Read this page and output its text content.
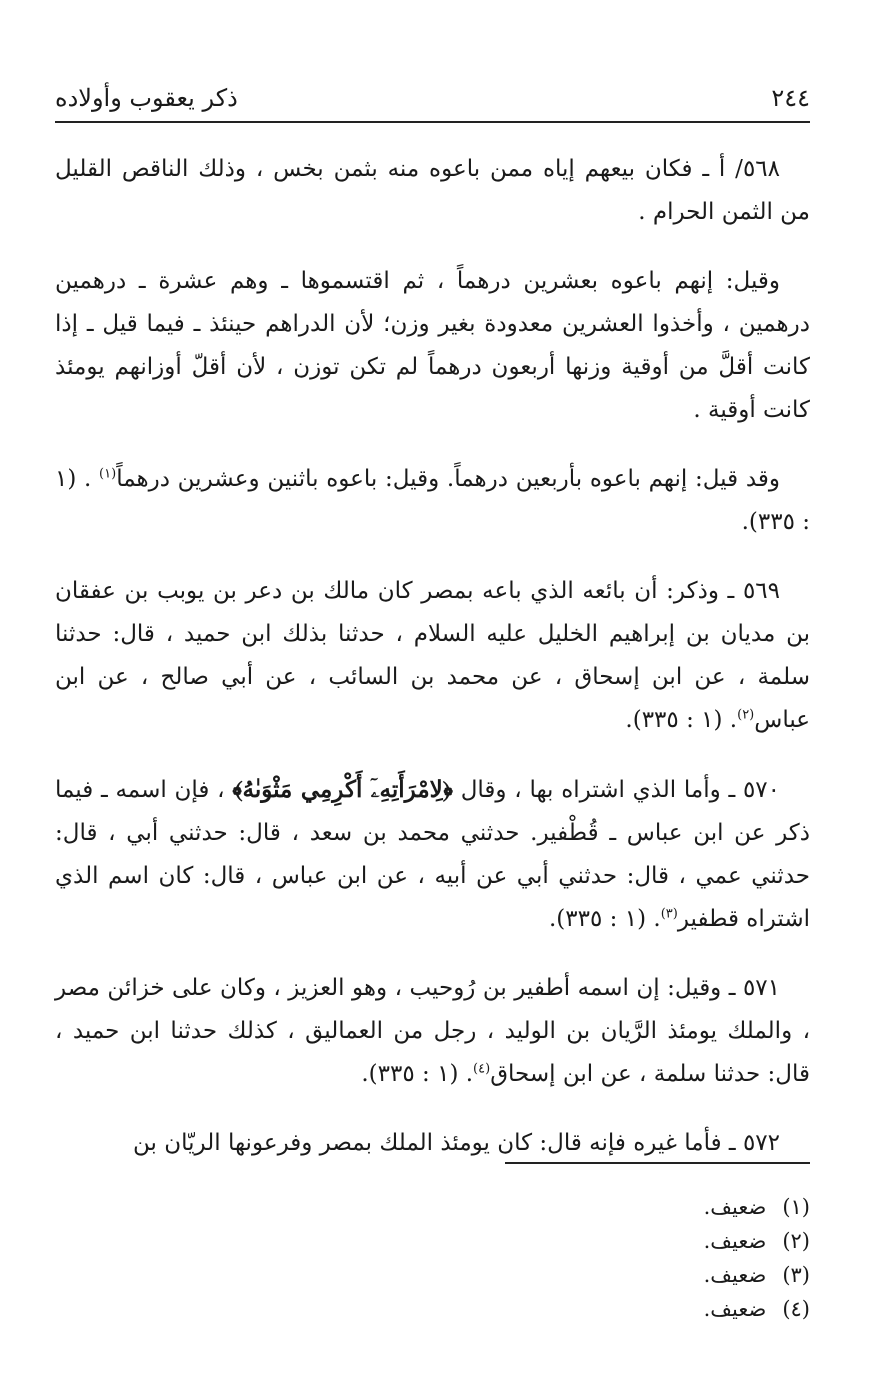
٢٤٤
ذكر يعقوب وأولاده

٥٦٨/ أ ـ فكان بيعهم إياه ممن باعوه منه بثمن بخس ، وذلك الناقص القليل من الثمن الحرام .

وقيل: إنهم باعوه بعشرين درهماً ، ثم اقتسموها ـ وهم عشرة ـ درهمين درهمين ، وأخذوا العشرين معدودة بغير وزن؛ لأن الدراهم حينئذ ـ فيما قيل ـ إذا كانت أقلَّ من أوقية وزنها أربعون درهماً لم تكن توزن ، لأن أقلّ أوزانهم يومئذ كانت أوقية .

وقد قيل: إنهم باعوه بأربعين درهماً. وقيل: باعوه باثنين وعشرين درهماً$^{(١)}$ . (١ : ٣٣٥).

٥٦٩ ـ وذكر: أن بائعه الذي باعه بمصر كان مالك بن دعر بن يوبب بن عفقان بن مديان بن إبراهيم الخليل عليه السلام ، حدثنا بذلك ابن حميد ، قال: حدثنا سلمة ، عن ابن إسحاق ، عن محمد بن السائب ، عن أبي صالح ، عن ابن عباس$^{(٢)}$. (١ : ٣٣٥).

٥٧٠ ـ وأما الذي اشتراه بها ، وقال ﴿لِامْرَأَتِهِۦٓ أَكْرِمِي مَثْوَىٰهُ﴾ ، فإن اسمه ـ فيما ذكر عن ابن عباس ـ قُطْفير. حدثني محمد بن سعد ، قال: حدثني أبي ، قال: حدثني عمي ، قال: حدثني أبي عن أبيه ، عن ابن عباس ، قال: كان اسم الذي اشتراه قطفير$^{(٣)}$. (١ : ٣٣٥).

٥٧١ ـ وقيل: إن اسمه أطفير بن رُوحيب ، وهو العزيز ، وكان على خزائن مصر ، والملك يومئذ الرَّيان بن الوليد ، رجل من العماليق ، كذلك حدثنا ابن حميد ، قال: حدثنا سلمة ، عن ابن إسحاق$^{(٤)}$. (١ : ٣٣٥).

٥٧٢ ـ فأما غيره فإنه قال: كان يومئذ الملك بمصر وفرعونها الريّان بن

(١)
ضعيف.
(٢)
ضعيف.
(٣)
ضعيف.
(٤)
ضعيف.
